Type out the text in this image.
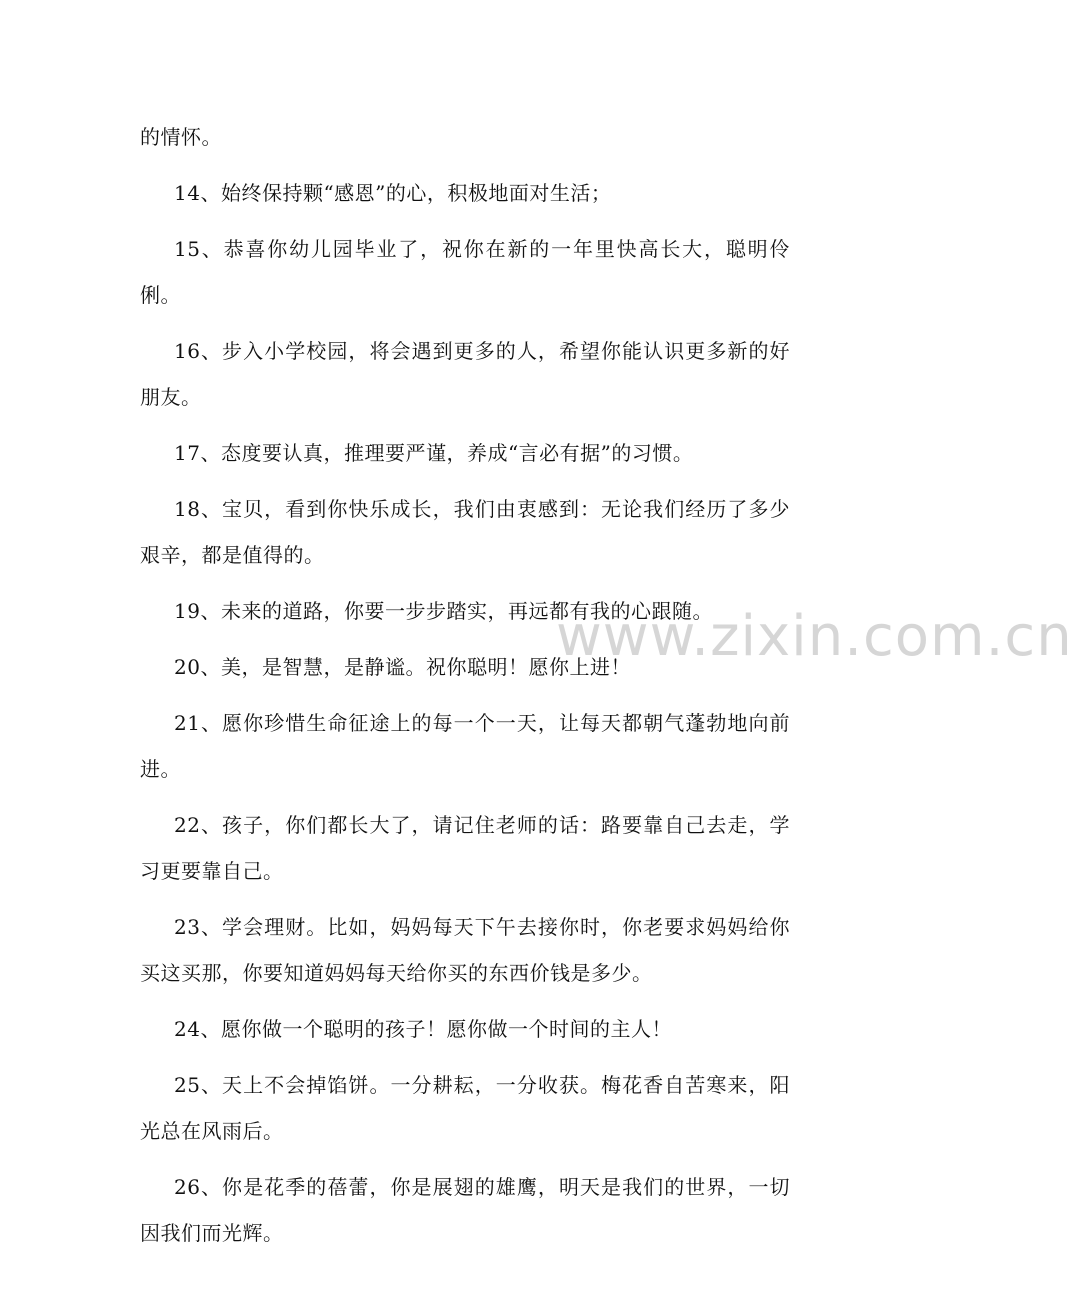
的情怀。

14、始终保持颗“感恩”的心，积极地面对生活；

15、恭喜你幼儿园毕业了，祝你在新的一年里快高长大，聪明伶俐。

16、步入小学校园，将会遇到更多的人，希望你能认识更多新的好朋友。

17、态度要认真，推理要严谨，养成“言必有据”的习惯。

18、宝贝，看到你快乐成长，我们由衷感到：无论我们经历了多少艰辛，都是值得的。

19、未来的道路，你要一步步踏实，再远都有我的心跟随。

20、美，是智慧，是静谧。祝你聪明！愿你上进！

21、愿你珍惜生命征途上的每一个一天，让每天都朝气蓬勃地向前进。

22、孩子，你们都长大了，请记住老师的话：路要靠自己去走，学习更要靠自己。

23、学会理财。比如，妈妈每天下午去接你时，你老要求妈妈给你买这买那，你要知道妈妈每天给你买的东西价钱是多少。

24、愿你做一个聪明的孩子！愿你做一个时间的主人！

25、天上不会掉馅饼。一分耕耘，一分收获。梅花香自苦寒来，阳光总在风雨后。

26、你是花季的蓓蕾，你是展翅的雄鹰，明天是我们的世界，一切因我们而光辉。

www.zixin.com.cn
